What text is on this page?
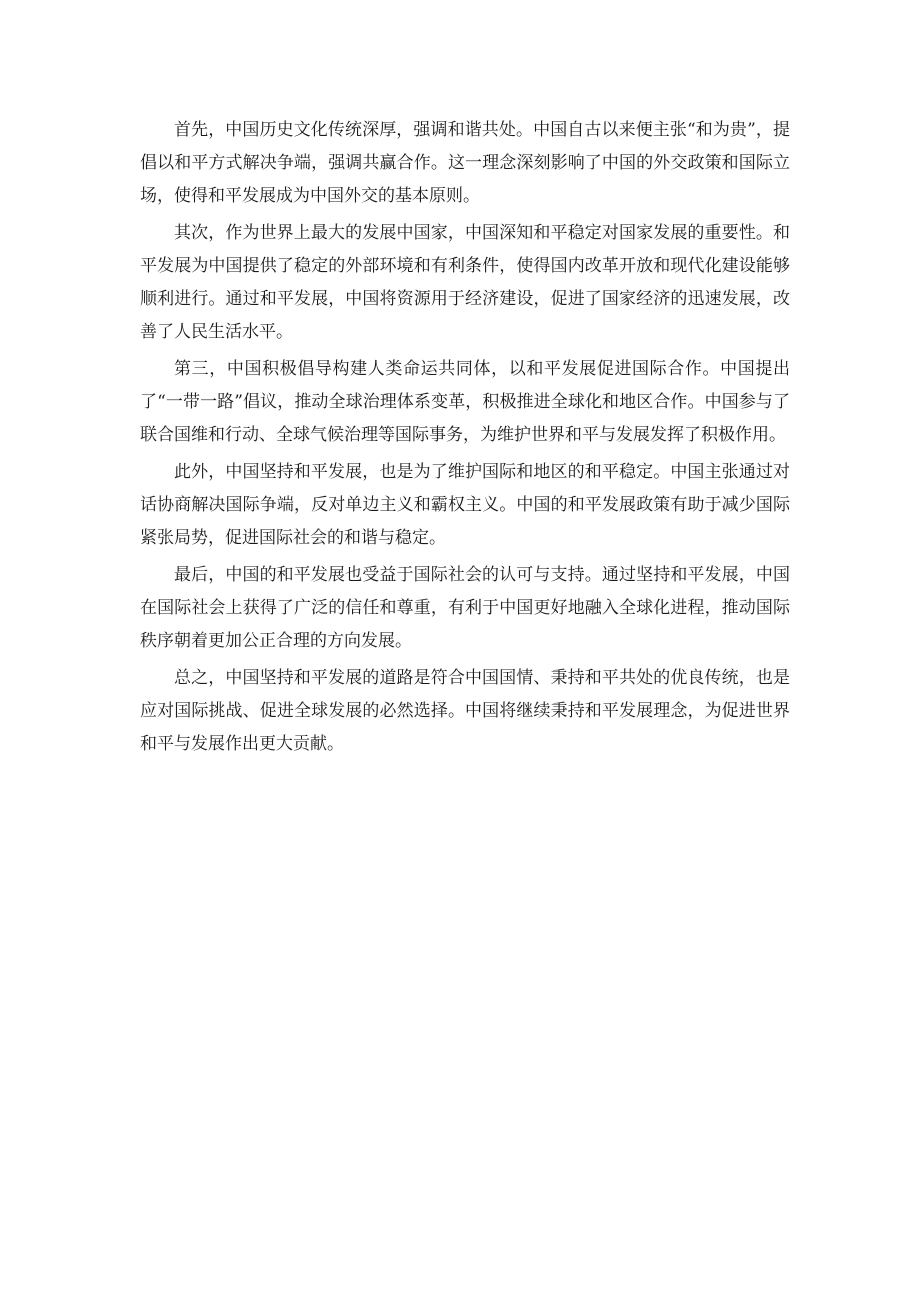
首先，中国历史文化传统深厚，强调和谐共处。中国自古以来便主张“和为贵”，提倡以和平方式解决争端，强调共赢合作。这一理念深刻影响了中国的外交政策和国际立场，使得和平发展成为中国外交的基本原则。

其次，作为世界上最大的发展中国家，中国深知和平稳定对国家发展的重要性。和平发展为中国提供了稳定的外部环境和有利条件，使得国内改革开放和现代化建设能够顺利进行。通过和平发展，中国将资源用于经济建设，促进了国家经济的迅速发展，改善了人民生活水平。

第三，中国积极倡导构建人类命运共同体，以和平发展促进国际合作。中国提出了“一带一路”倡议，推动全球治理体系变革，积极推进全球化和地区合作。中国参与了联合国维和行动、全球气候治理等国际事务，为维护世界和平与发展发挥了积极作用。

此外，中国坚持和平发展，也是为了维护国际和地区的和平稳定。中国主张通过对话协商解决国际争端，反对单边主义和霸权主义。中国的和平发展政策有助于减少国际紧张局势，促进国际社会的和谐与稳定。

最后，中国的和平发展也受益于国际社会的认可与支持。通过坚持和平发展，中国在国际社会上获得了广泛的信任和尊重，有利于中国更好地融入全球化进程，推动国际秩序朝着更加公正合理的方向发展。

总之，中国坚持和平发展的道路是符合中国国情、秉持和平共处的优良传统，也是应对国际挑战、促进全球发展的必然选择。中国将继续秉持和平发展理念，为促进世界和平与发展作出更大贡献。
